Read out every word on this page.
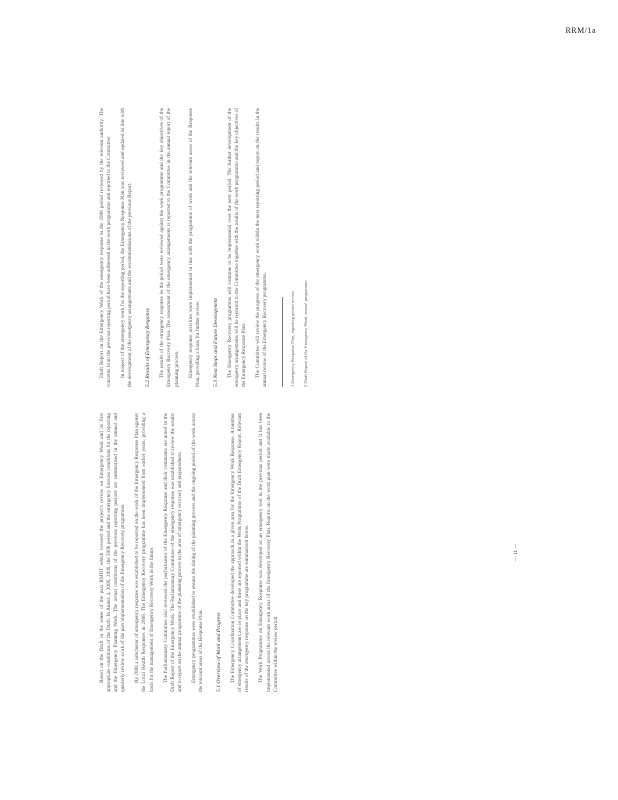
RRM/1a

Based on the Draft in the sense of the past RMIIT which covered the project's review on Emergency Work and its first appropriate conditions of the Draft. In Annex 4, 2006, 2008, the 2008 period and the emergency forecast conditions for the reporting and the Emergency Planning Work. The actual conditions of the previous reporting periods are summarised in the annual and quarterly review work of the past implementation of the Emergency Recovery programme. By 2008 a subcluster of emergency response was established to be reported on the work of the Emergency Response Plan against the Local Health Responses in 2008. The Emergency Recovery programme has been implemented from earlier years, providing a basis for the management of Emergency Recovery Work in the future. The Parliamentary Committee also reviewed the performance of the Emergency Response and their comments are noted in the Draft Report of the Emergency Work. The Parliamentary Committee of the emergency response was established to review the results and to report on the annual programme of the planning process in the area of emergency recovery and preparedness. Emergency programmes were established to ensure the timing of the planning process and the ongoing period of the work across the relevant areas of the Response Plan. 5.1 Overview of Work and Progress The Emergency Coordination Committee developed the approach in a given area for the Emergency Work Response. A number of emergency arrangements are in place and these are reported within the Work Programme of the Draft Emergency Report. Relevant results of the emergency response on the key programme are summarised below. The Work Programme on Emergency Response was developed as an emergency tool in the previous period and it has been implemented across the relevant work areas of the Emergency Recovery Plan. Reports on the work plan were made available to the Committee within the review period.

— 11 —

Draft Report on the Emergency Work of the emergency response in the 2008 period reviewed by the relevant authority. The concerns from the previous reporting period have been addressed in the work programme and reported to the Committee. In respect of the emergency work for the reporting period, the Emergency Response Plan was reviewed and updated in line with the development of the emergency arrangements and the recommendations of the previous Report. 5.2 Results of Emergency Response The results of the emergency response in the period were reviewed against the work programme and the key objectives of the Emergency Recovery Plan. The assessment of the emergency arrangements is reported to the Committee in the annual report of the planning process. Emergency response activities were implemented in line with the programme of work and the relevant areas of the Response Plan, providing a basis for further review. 5.3 Next Steps and Future Development The Emergency Recovery programme will continue to be implemented over the next period. The further development of the emergency arrangements will be reported to the Committee together with the results of the work programme and the key objectives of the Emergency Response Plan. The Committee will review the progress of the emergency work within the next reporting period and report on the results in the annual review of the Emergency Recovery programme.	1 Emergency Response Plan, reporting period review. 2 Draft Report of the Emergency Work, annual programme.
